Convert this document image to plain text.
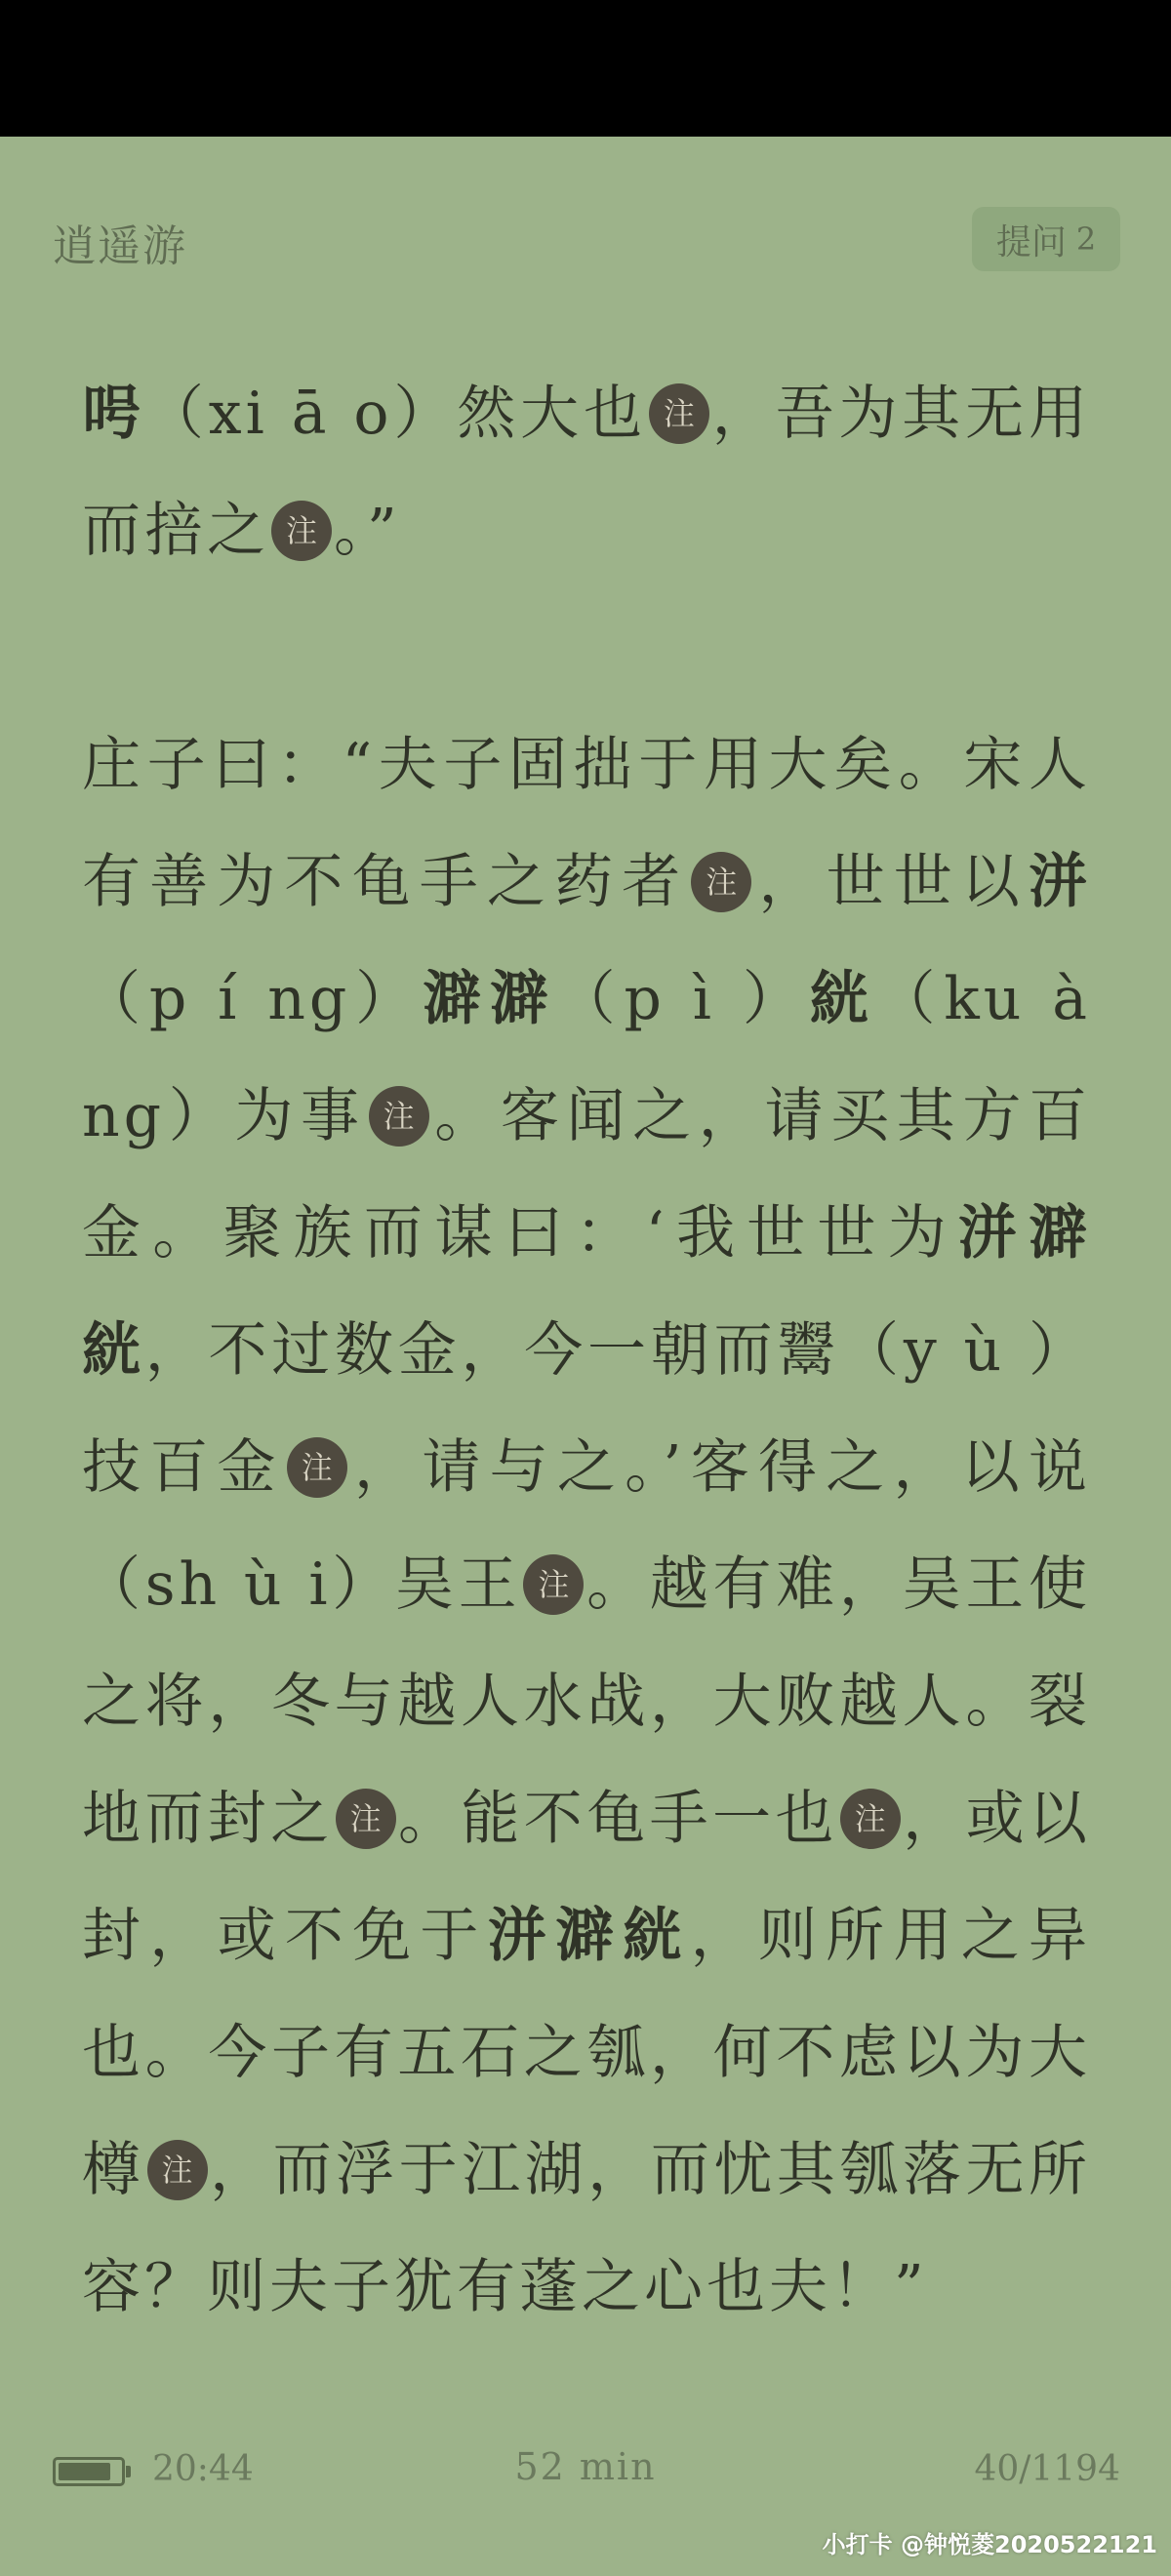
逍遥游	提问 2

呺（xi ā o）然大也 注 ，吾为其无用而掊之 注 。”

庄子曰：“夫子固拙于用大矣。宋人有善为不龟手之药者 注 ，世世以洴（p í ng）澼澼（p ì ）絖（ku à ng）为事 注 。客闻之，请买其方百金。聚族而谋曰：‘我世世为洴澼絖，不过数金，今一朝而鬻（y ù ）技百金 注 ，请与之。’客得之，以说（sh ù i）吴王 注 。越有难，吴王使之将，冬与越人水战，大败越人。裂地而封之 注 。能不龟手一也 注 ，或以封，或不免于洴澼絖，则所用之异也。今子有五石之瓠，何不虑以为大樽 注 ，而浮于江湖，而忧其瓠落无所容？则夫子犹有蓬之心也夫！”

20:44	52 min	40/1194
小打卡 @钟悦菱2020522121
